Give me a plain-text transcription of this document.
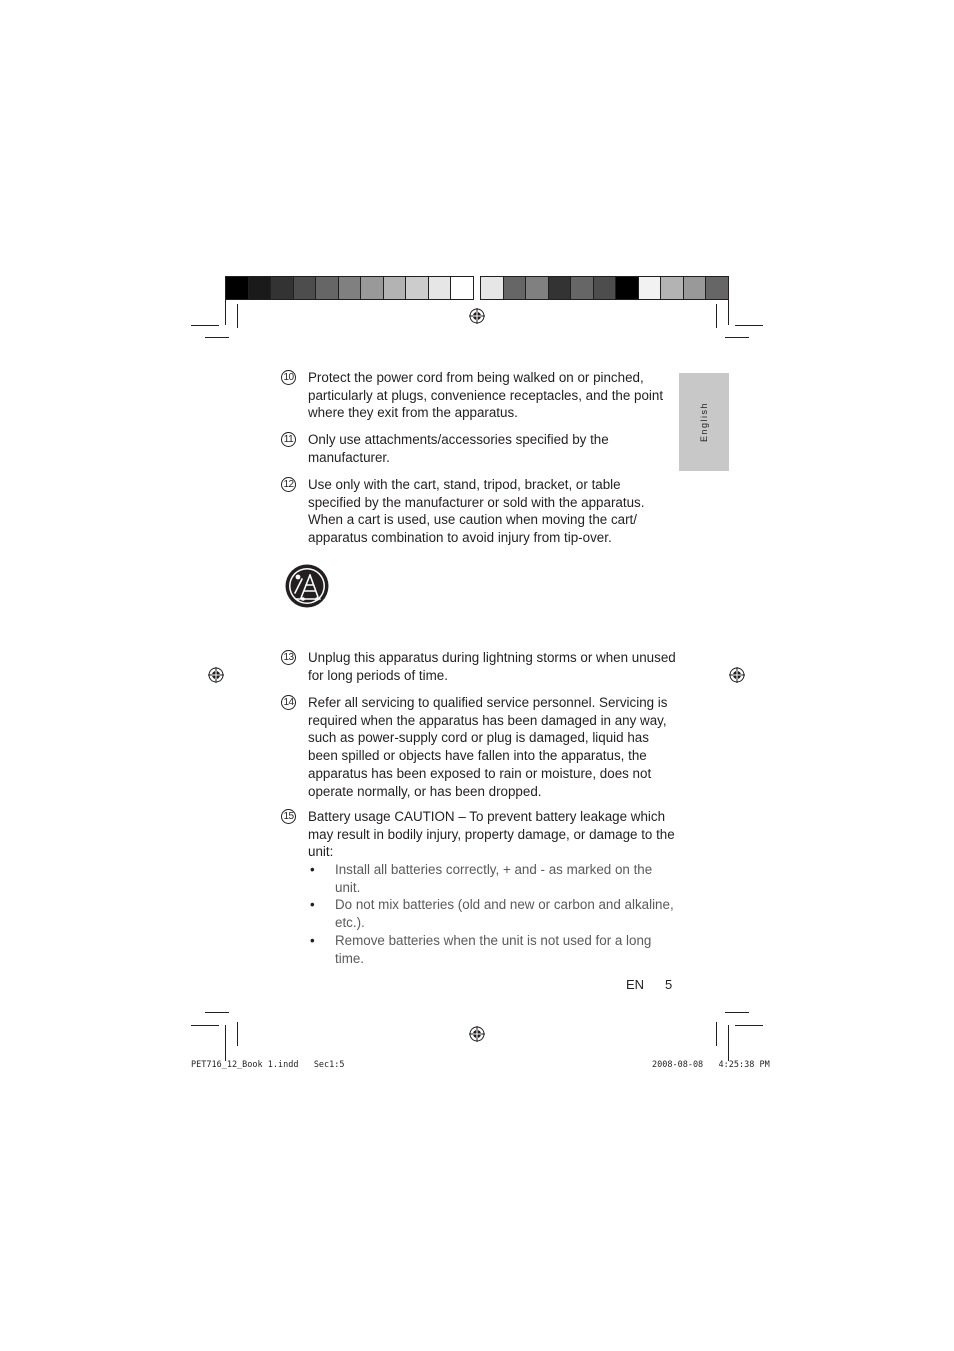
English
10 Protect the power cord from being walked on or pinched, particularly at plugs, convenience receptacles, and the point where they exit from the apparatus.
11 Only use attachments/accessories specified by the manufacturer.
12 Use only with the cart, stand, tripod, bracket, or table specified by the manufacturer or sold with the apparatus. When a cart is used, use caution when moving the cart/ apparatus combination to avoid injury from tip-over.
13 Unplug this apparatus during lightning storms or when unused for long periods of time.
14 Refer all servicing to qualified service personnel. Servicing is required when the apparatus has been damaged in any way, such as power-supply cord or plug is damaged, liquid has been spilled or objects have fallen into the apparatus, the apparatus has been exposed to rain or moisture, does not operate normally, or has been dropped.
15 Battery usage CAUTION – To prevent battery leakage which may result in bodily injury, property damage, or damage to the unit:
• Install all batteries correctly, + and - as marked on the unit.
• Do not mix batteries (old and new or carbon and alkaline, etc.).
• Remove batteries when the unit is not used for a long time.
EN 5
PET716_12_Book 1.indd   Sec1:5	2008-08-08   4:25:38 PM
